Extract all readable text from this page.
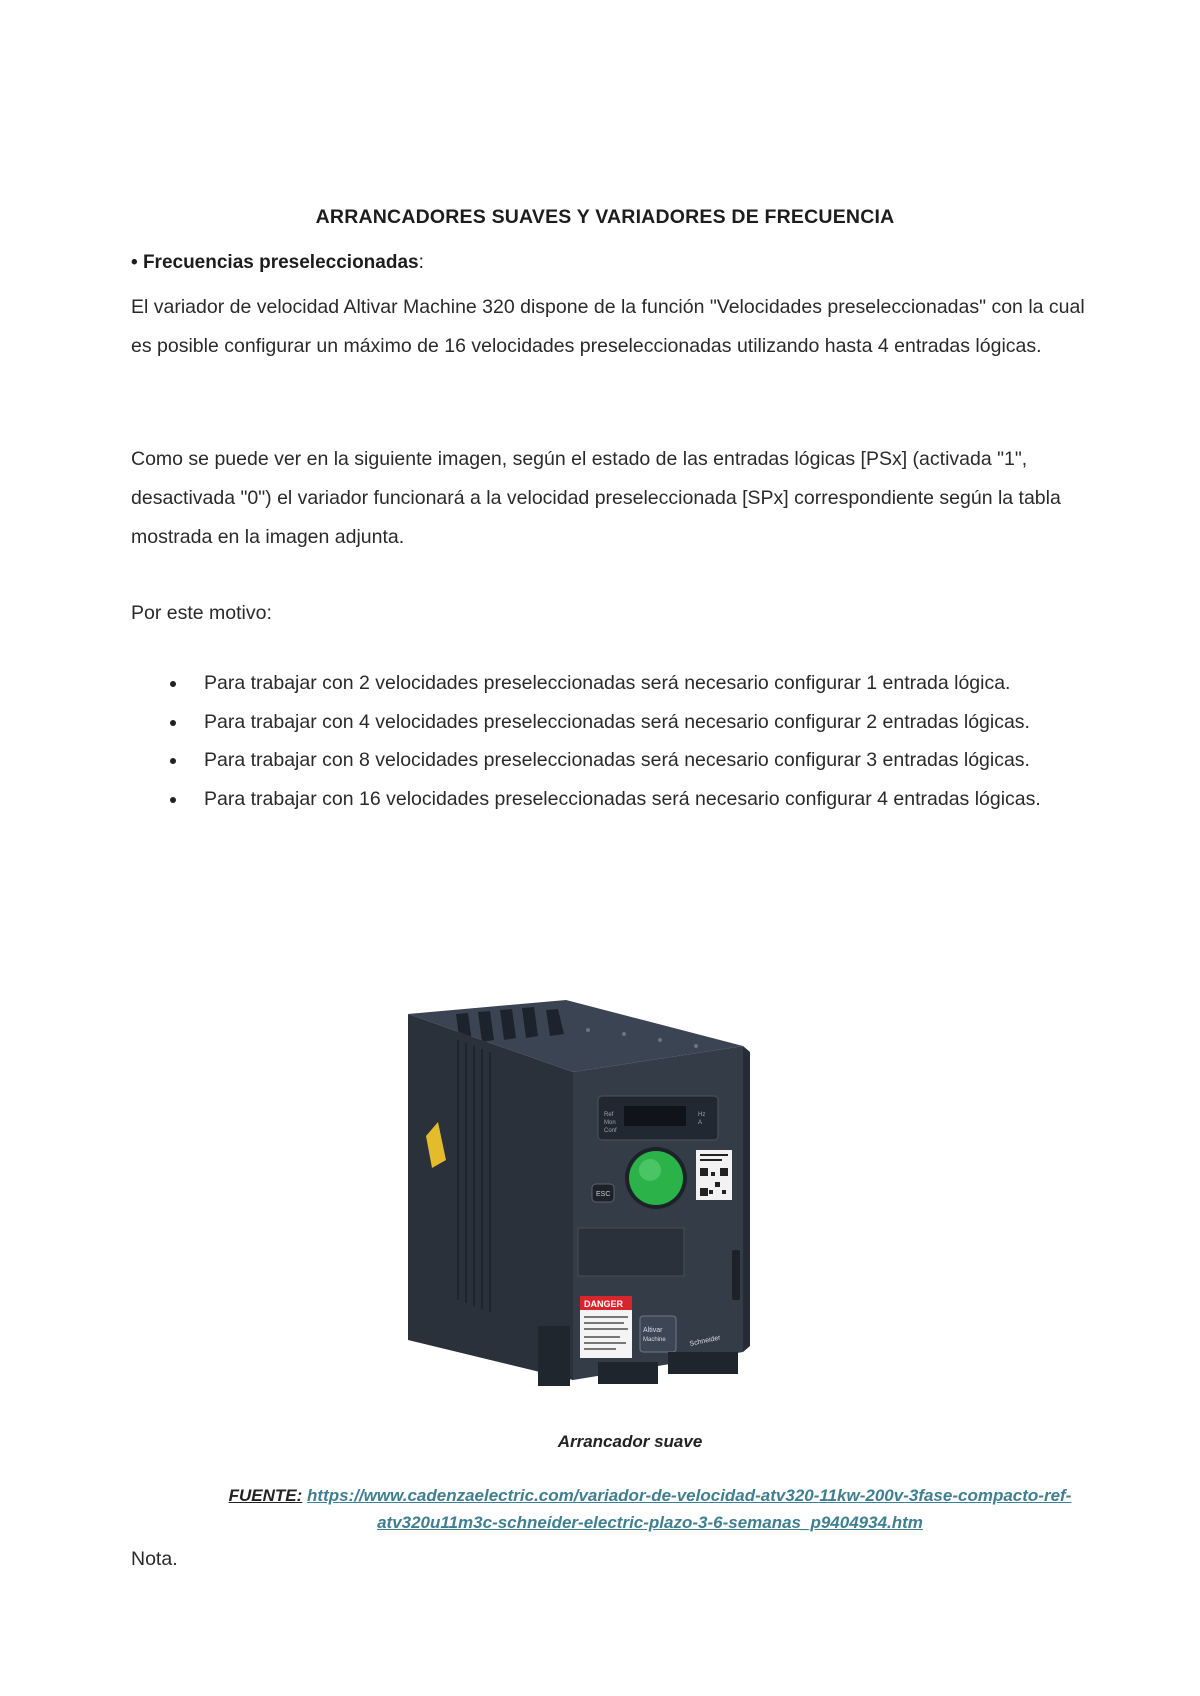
ARRANCADORES SUAVES Y VARIADORES DE FRECUENCIA
• Frecuencias preseleccionadas:
El variador de velocidad Altivar Machine 320 dispone de la función "Velocidades preseleccionadas" con la cual es posible configurar un máximo de 16 velocidades preseleccionadas utilizando hasta 4 entradas lógicas.
Como se puede ver en la siguiente imagen, según el estado de las entradas lógicas [PSx] (activada "1", desactivada "0") el variador funcionará a la velocidad preseleccionada [SPx] correspondiente según la tabla mostrada en la imagen adjunta.
Por este motivo:
Para trabajar con 2 velocidades preseleccionadas será necesario configurar 1 entrada lógica.
Para trabajar con 4 velocidades preseleccionadas será necesario configurar 2 entradas lógicas.
Para trabajar con 8 velocidades preseleccionadas será necesario configurar 3 entradas lógicas.
Para trabajar con 16 velocidades preseleccionadas será necesario configurar 4 entradas lógicas.
Ref
Mon
Conf
Hz
A
ESC
DANGER
Altivar
Machine	Schneider
Arrancador suave
FUENTE: https://www.cadenzaelectric.com/variador-de-velocidad-atv320-11kw-200v-3fase-compacto-ref-atv320u11m3c-schneider-electric-plazo-3-6-semanas_p9404934.htm
Nota.
